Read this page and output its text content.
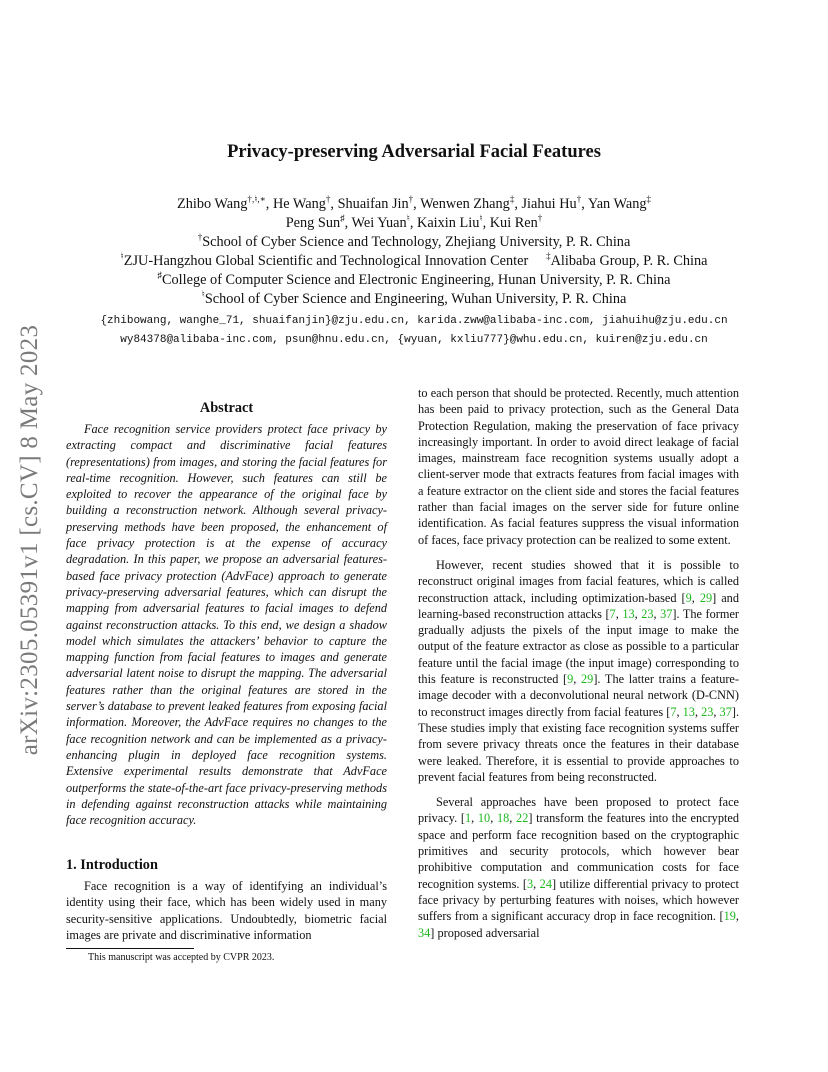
arXiv:2305.05391v1 [cs.CV] 8 May 2023
Privacy-preserving Adversarial Facial Features
Zhibo Wang†,♮,∗, He Wang†, Shuaifan Jin†, Wenwen Zhang‡, Jiahui Hu†, Yan Wang‡
Peng Sun♯, Wei Yuan♮, Kaixin Liu♮, Kui Ren†
†School of Cyber Science and Technology, Zhejiang University, P. R. China
♮ZJU-Hangzhou Global Scientific and Technological Innovation Center ‡Alibaba Group, P. R. China
♯College of Computer Science and Electronic Engineering, Hunan University, P. R. China
♮School of Cyber Science and Engineering, Wuhan University, P. R. China
{zhibowang, wanghe_71, shuaifanjin}@zju.edu.cn, karida.zww@alibaba-inc.com, jiahuihu@zju.edu.cn
wy84378@alibaba-inc.com, psun@hnu.edu.cn, {wyuan, kxliu777}@whu.edu.cn, kuiren@zju.edu.cn
Abstract

Face recognition service providers protect face privacy by extracting compact and discriminative facial features (representations) from images, and storing the facial features for real-time recognition. However, such features can still be exploited to recover the appearance of the original face by building a reconstruction network. Although several privacy-preserving methods have been proposed, the enhancement of face privacy protection is at the expense of accuracy degradation. In this paper, we propose an adversarial features-based face privacy protection (AdvFace) approach to generate privacy-preserving adversarial features, which can disrupt the mapping from adversarial features to facial images to defend against reconstruction attacks. To this end, we design a shadow model which simulates the attackers’ behavior to capture the mapping function from facial features to images and generate adversarial latent noise to disrupt the mapping. The adversarial features rather than the original features are stored in the server’s database to prevent leaked features from exposing facial information. Moreover, the AdvFace requires no changes to the face recognition network and can be implemented as a privacy-enhancing plugin in deployed face recognition systems. Extensive experimental results demonstrate that AdvFace outperforms the state-of-the-art face privacy-preserving methods in defending against reconstruction attacks while maintaining face recognition accuracy.

1. Introduction

Face recognition is a way of identifying an individual’s identity using their face, which has been widely used in many security-sensitive applications. Undoubtedly, biometric facial images are private and discriminative information

to each person that should be protected. Recently, much attention has been paid to privacy protection, such as the General Data Protection Regulation, making the preservation of face privacy increasingly important. In order to avoid direct leakage of facial images, mainstream face recognition systems usually adopt a client-server mode that extracts features from facial images with a feature extractor on the client side and stores the facial features rather than facial images on the server side for future online identification. As facial features suppress the visual information of faces, face privacy protection can be realized to some extent.

However, recent studies showed that it is possible to reconstruct original images from facial features, which is called reconstruction attack, including optimization-based [9, 29] and learning-based reconstruction attacks [7, 13, 23, 37]. The former gradually adjusts the pixels of the input image to make the output of the feature extractor as close as possible to a particular feature until the facial image (the input image) corresponding to this feature is reconstructed [9, 29]. The latter trains a feature-image decoder with a deconvolutional neural network (D-CNN) to reconstruct images directly from facial features [7, 13, 23, 37]. These studies imply that existing face recognition systems suffer from severe privacy threats once the features in their database were leaked. Therefore, it is essential to provide approaches to prevent facial features from being reconstructed.

Several approaches have been proposed to protect face privacy. [1, 10, 18, 22] transform the features into the encrypted space and perform face recognition based on the cryptographic primitives and security protocols, which however bear prohibitive computation and communication costs for face recognition systems. [3, 24] utilize differential privacy to protect face privacy by perturbing features with noises, which however suffers from a significant accuracy drop in face recognition. [19, 34] proposed adversarial

This manuscript was accepted by CVPR 2023.
